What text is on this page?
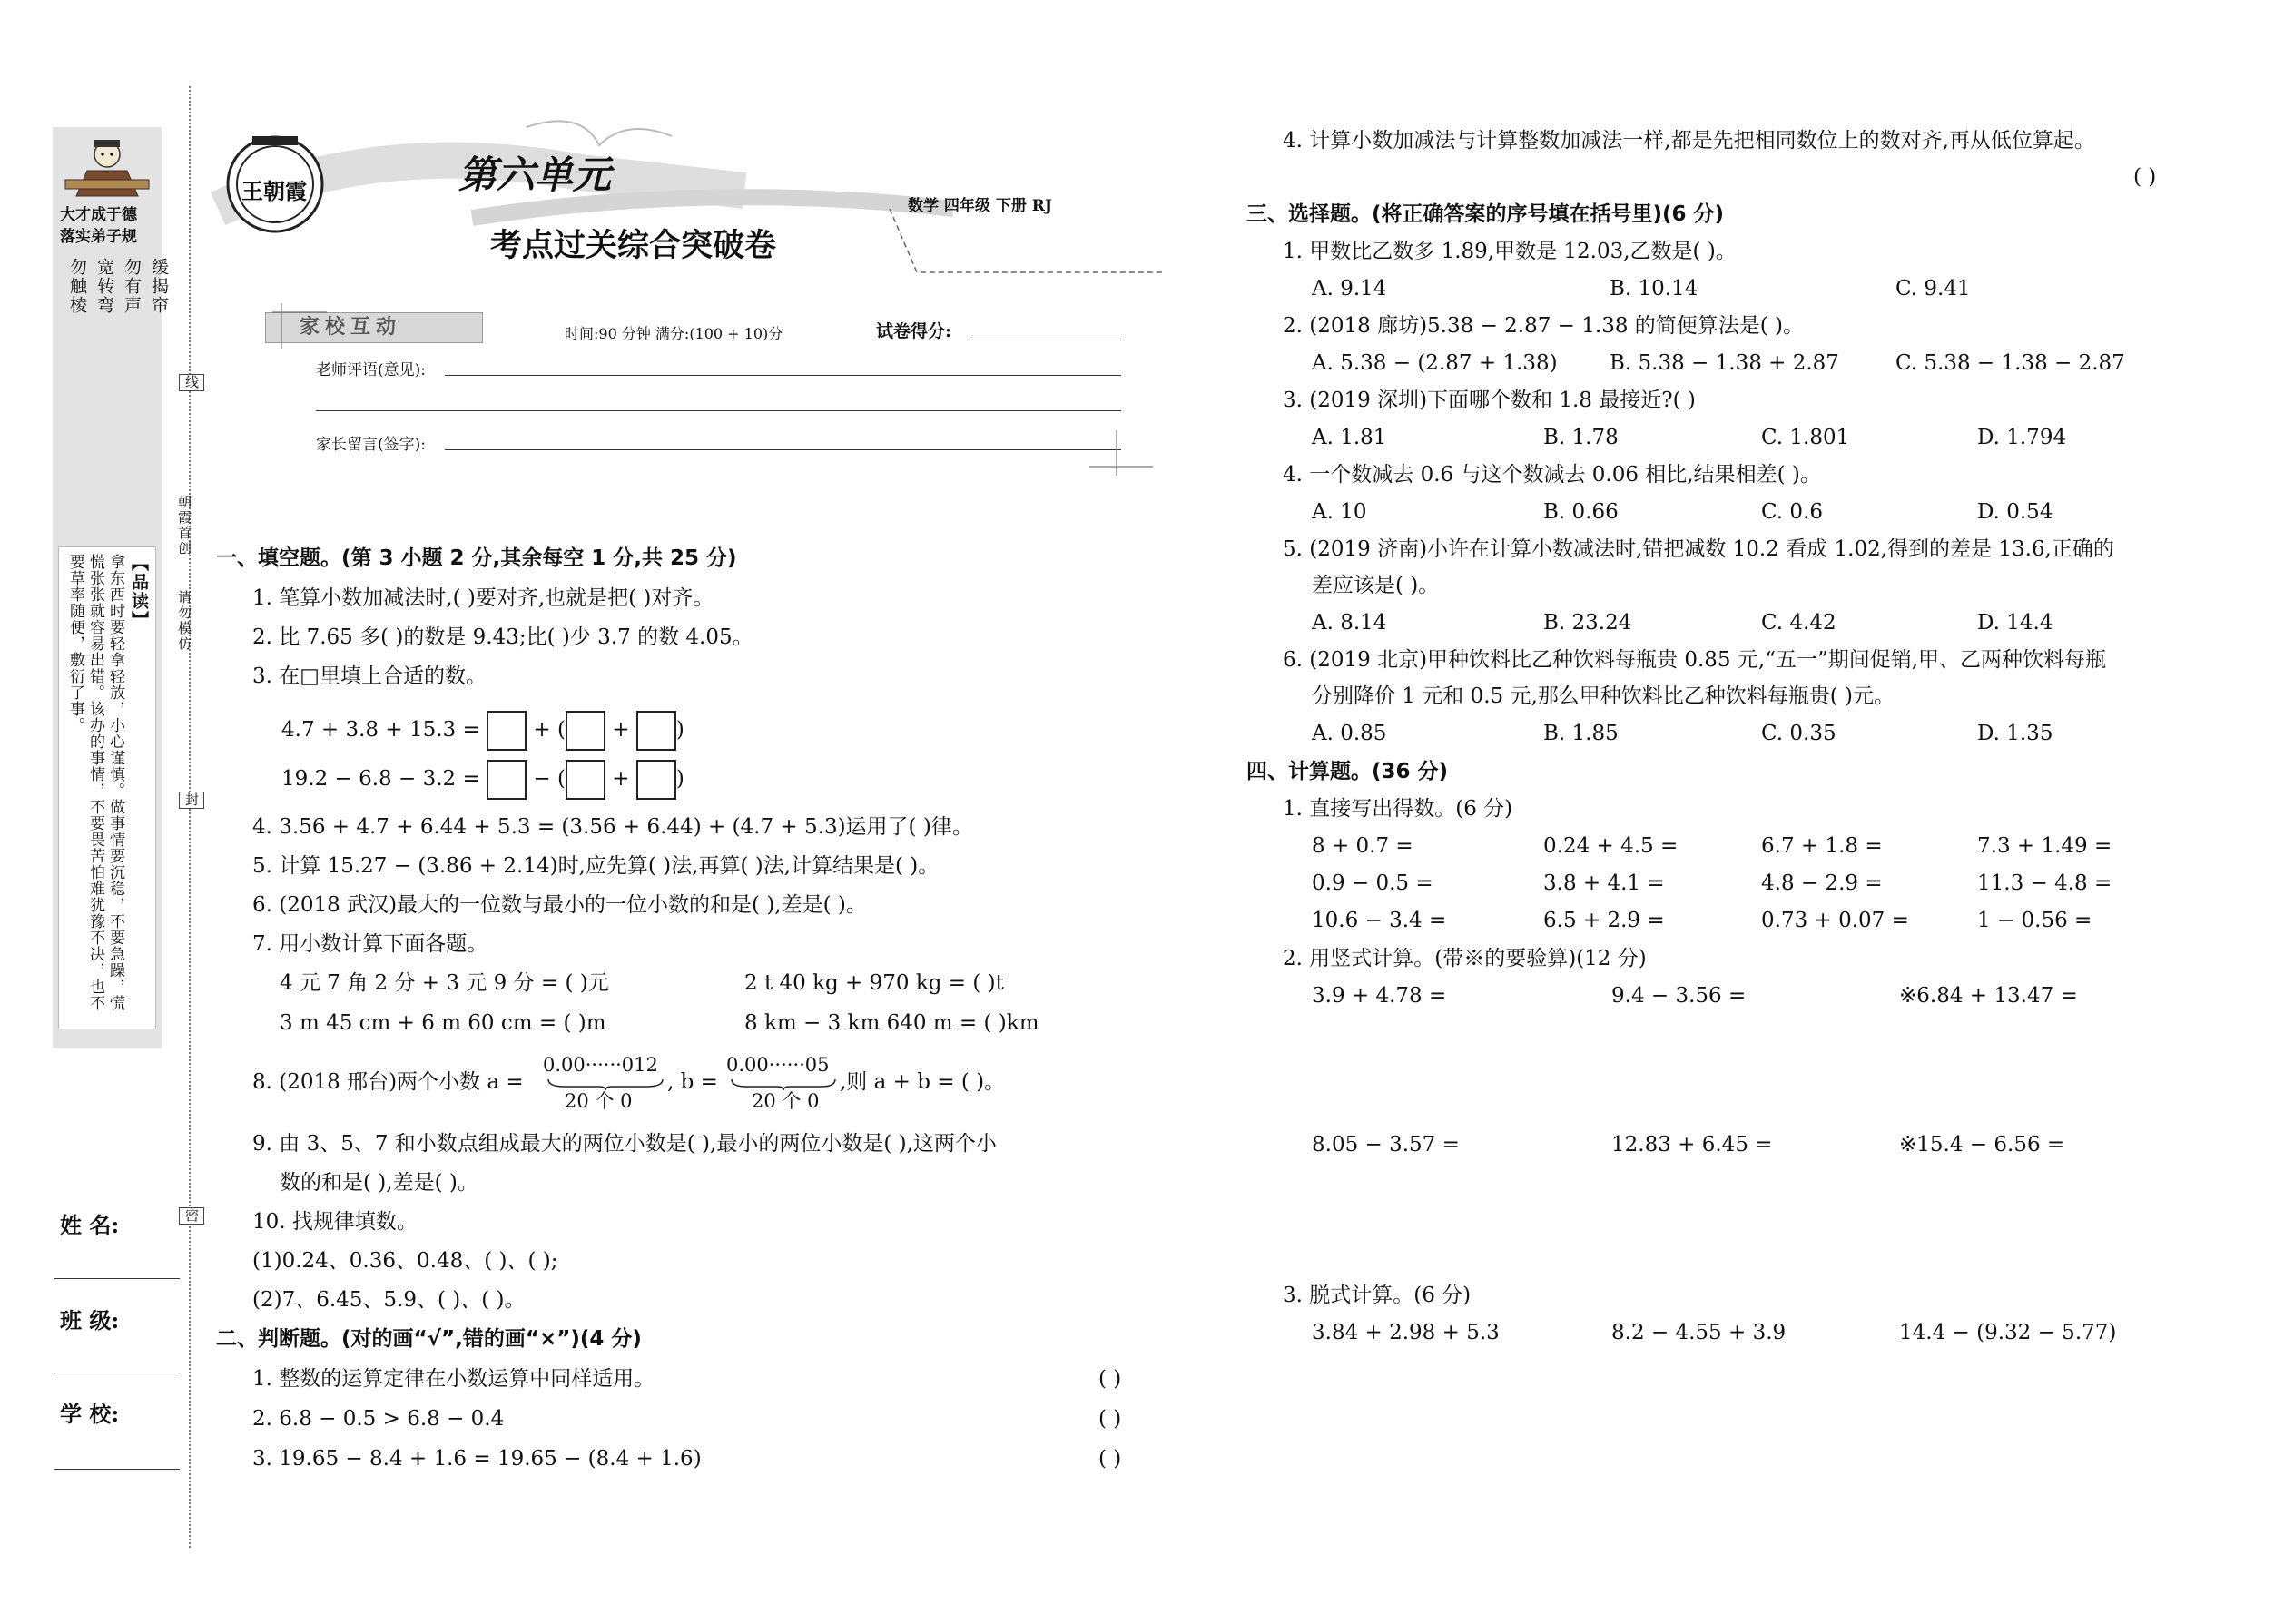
大才成于德
落实弟子规
缓揭帘
勿有声
宽转弯
勿触棱
【品读】
拿东西时要轻拿轻放，小心谨慎。做事情要沉稳，不要急躁，慌慌张张就容易出错。该办的事情，不要畏苦怕难犹豫不决，也不要草率随便，敷衍了事。
姓 名:
班 级:
学 校:
线
封
密
朝霞首创
请勿模仿
王朝霞	第六单元
考点过关综合突破卷
数学 四年级 下册 RJ
家校互动	时间:90 分钟 满分:(100 + 10)分	试卷得分:
老师评语(意见):
家长留言(签字):
一、填空题。(第 3 小题 2 分,其余每空 1 分,共 25 分)
1. 笔算小数加减法时,( )要对齐,也就是把( )对齐。
2. 比 7.65 多( )的数是 9.43;比( )少 3.7 的数 4.05。
3. 在□里填上合适的数。
4.7 + 3.8 + 15.3 =  + ( + )
19.2 − 6.8 − 3.2 =  − ( + )
4. 3.56 + 4.7 + 6.44 + 5.3 = (3.56 + 6.44) + (4.7 + 5.3)运用了( )律。
5. 计算 15.27 − (3.86 + 2.14)时,应先算( )法,再算( )法,计算结果是( )。
6. (2018 武汉)最大的一位数与最小的一位小数的和是( ),差是( )。
7. 用小数计算下面各题。
4 元 7 角 2 分 + 3 元 9 分 = ( )元	2 t 40 kg + 970 kg = ( )t
3 m 45 cm + 6 m 60 cm = ( )m	8 km − 3 km 640 m = ( )km
8. (2018 邢台)两个小数 a =
0.00······012
20 个 0
, b =
0.00······05
20 个 0
,则 a + b = ( )。
9. 由 3、5、7 和小数点组成最大的两位小数是( ),最小的两位小数是( ),这两个小
数的和是( ),差是( )。
10. 找规律填数。
(1)0.24、0.36、0.48、( )、( );
(2)7、6.45、5.9、( )、( )。
二、判断题。(对的画“√”,错的画“×”)(4 分)
1. 整数的运算定律在小数运算中同样适用。	( )
2. 6.8 − 0.5 > 6.8 − 0.4	( )
3. 19.65 − 8.4 + 1.6 = 19.65 − (8.4 + 1.6)	( )
4. 计算小数加减法与计算整数加减法一样,都是先把相同数位上的数对齐,再从低位算起。
( )
三、选择题。(将正确答案的序号填在括号里)(6 分)
1. 甲数比乙数多 1.89,甲数是 12.03,乙数是( )。
A. 9.14	B. 10.14	C. 9.41
2. (2018 廊坊)5.38 − 2.87 − 1.38 的简便算法是( )。
A. 5.38 − (2.87 + 1.38) B. 5.38 − 1.38 + 2.87	C. 5.38 − 1.38 − 2.87
3. (2019 深圳)下面哪个数和 1.8 最接近?( )
A. 1.81	B. 1.78	C. 1.801	D. 1.794
4. 一个数减去 0.6 与这个数减去 0.06 相比,结果相差( )。
A. 10	B. 0.66	C. 0.6	D. 0.54
5. (2019 济南)小许在计算小数减法时,错把减数 10.2 看成 1.02,得到的差是 13.6,正确的
差应该是( )。
A. 8.14	B. 23.24	C. 4.42	D. 14.4
6. (2019 北京)甲种饮料比乙种饮料每瓶贵 0.85 元,“五一”期间促销,甲、乙两种饮料每瓶
分别降价 1 元和 0.5 元,那么甲种饮料比乙种饮料每瓶贵( )元。
A. 0.85	B. 1.85	C. 0.35	D. 1.35
四、计算题。(36 分)
1. 直接写出得数。(6 分)
8 + 0.7 =	0.24 + 4.5 =	6.7 + 1.8 =	7.3 + 1.49 =
0.9 − 0.5 =	3.8 + 4.1 =	4.8 − 2.9 =	11.3 − 4.8 =
10.6 − 3.4 =	6.5 + 2.9 =	0.73 + 0.07 =	1 − 0.56 =
2. 用竖式计算。(带※的要验算)(12 分)
3.9 + 4.78 =	9.4 − 3.56 =	※6.84 + 13.47 =
8.05 − 3.57 =	12.83 + 6.45 =	※15.4 − 6.56 =
3. 脱式计算。(6 分)
3.84 + 2.98 + 5.3	8.2 − 4.55 + 3.9	14.4 − (9.32 − 5.77)
